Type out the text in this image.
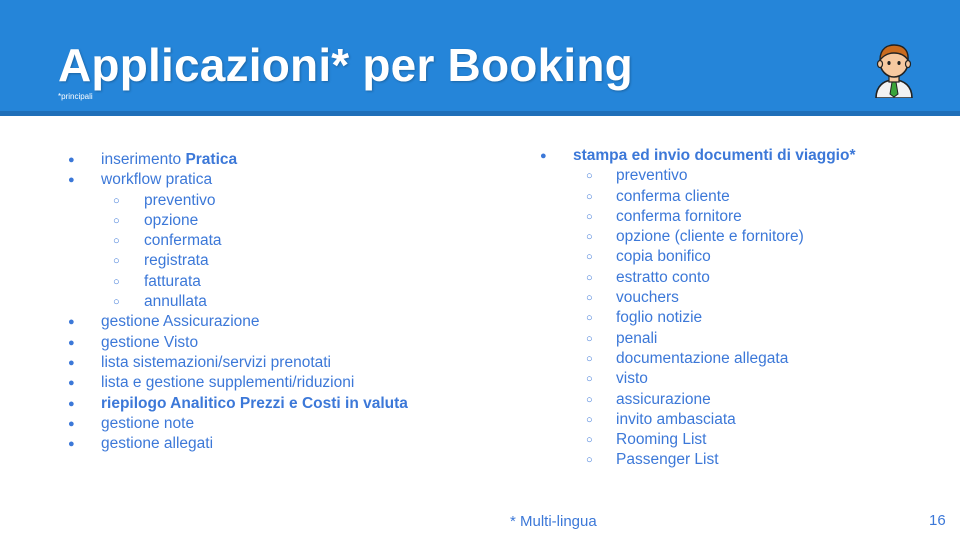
Applicazioni* per Booking
*principali
● inserimento Pratica
● workflow pratica
○ preventivo
○ opzione
○ confermata
○ registrata
○ fatturata
○ annullata
● gestione Assicurazione
● gestione Visto
● lista sistemazioni/servizi prenotati
● lista e gestione supplementi/riduzioni
● riepilogo Analitico Prezzi e Costi in valuta
● gestione note
● gestione allegati
● stampa ed invio documenti di viaggio*
○ preventivo
○ conferma cliente
○ conferma fornitore
○ opzione (cliente e fornitore)
○ copia bonifico
○ estratto conto
○ vouchers
○ foglio notizie
○ penali
○ documentazione allegata
○ visto
○ assicurazione
○ invito ambasciata
○ Rooming List
○ Passenger List
* Multi-lingua	16
